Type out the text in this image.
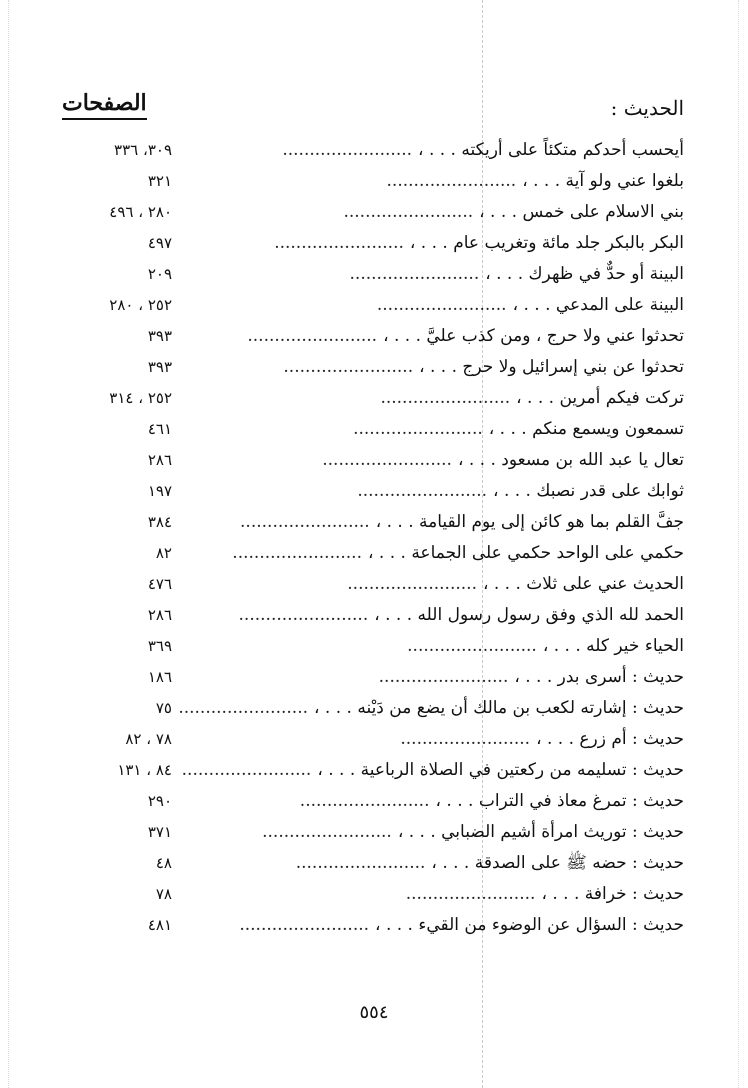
الحديث :
الصفحات
أيحسب أحدكم متكئاً على أريكته . . . ،........................
٣٠٩، ٣٣٦
بلغوا عني ولو آية . . . ،........................
٣٢١
بني الاسلام على خمس . . . ،........................
٢٨٠ ، ٤٩٦
البكر بالبكر جلد مائة وتغريب عام . . . ،........................
٤٩٧
البينة أو حدٌّ في ظهرك . . . ،........................
٢٠٩
البينة على المدعي . . . ،........................
٢٥٢ ، ٢٨٠
تحدثوا عني ولا حرج ، ومن كذب عليَّ . . . ،........................
٣٩٣
تحدثوا عن بني إسرائيل ولا حرج . . . ،........................
٣٩٣
تركت فيكم أمرين . . . ،........................
٢٥٢ ، ٣١٤
تسمعون ويسمع منكم . . . ،........................
٤٦١
تعال يا عبد الله بن مسعود . . . ،........................
٢٨٦
ثوابك على قدر نصبك . . . ،........................
١٩٧
جفَّ القلم بما هو كائن إلى يوم القيامة . . . ،........................
٣٨٤
حكمي على الواحد حكمي على الجماعة . . . ،........................
٨٢
الحديث عني على ثلاث . . . ،........................
٤٧٦
الحمد لله الذي وفق رسول رسول الله . . . ،........................
٢٨٦
الحياء خير كله . . . ،........................
٣٦٩
حديث : أسرى بدر . . . ،........................
١٨٦
حديث : إشارته لكعب بن مالك أن يضع من دَيْنه . . . ،........................
٧٥
حديث : أم زرع . . . ،........................
٧٨ ، ٨٢
حديث : تسليمه من ركعتين في الصلاة الرباعية . . . ،........................
٨٤ ، ١٣١
حديث : تمرغ معاذ في التراب . . . ،........................
٢٩٠
حديث : توريث امرأة أشيم الضبابي . . . ،........................
٣٧١
حديث : حضه ﷺ على الصدقة . . . ،........................
٤٨
حديث : خرافة . . . ،........................
٧٨
حديث : السؤال عن الوضوء من القيء . . . ،........................
٤٨١
٥٥٤
